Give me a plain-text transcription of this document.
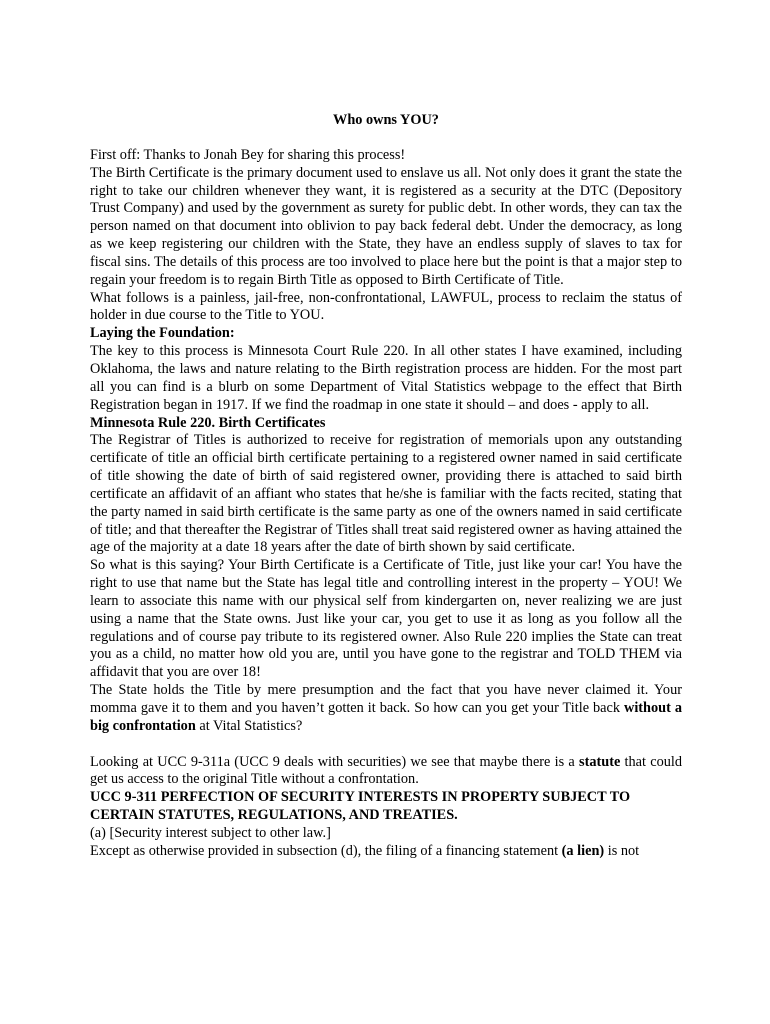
Who owns YOU?

First off: Thanks to Jonah Bey for sharing this process!

The Birth Certificate is the primary document used to enslave us all. Not only does it grant the state the right to take our children whenever they want, it is registered as a security at the DTC (Depository Trust Company) and used by the government as surety for public debt. In other words, they can tax the person named on that document into oblivion to pay back federal debt. Under the democracy, as long as we keep registering our children with the State, they have an endless supply of slaves to tax for fiscal sins. The details of this process are too involved to place here but the point is that a major step to regain your freedom is to regain Birth Title as opposed to Birth Certificate of Title.

What follows is a painless, jail-free, non-confrontational, LAWFUL, process to reclaim the status of holder in due course to the Title to YOU.

Laying the Foundation:

The key to this process is Minnesota Court Rule 220. In all other states I have examined, including Oklahoma, the laws and nature relating to the Birth registration process are hidden. For the most part all you can find is a blurb on some Department of Vital Statistics webpage to the effect that Birth Registration began in 1917. If we find the roadmap in one state it should – and does - apply to all.

Minnesota Rule 220. Birth Certificates

The Registrar of Titles is authorized to receive for registration of memorials upon any outstanding certificate of title an official birth certificate pertaining to a registered owner named in said certificate of title showing the date of birth of said registered owner, providing there is attached to said birth certificate an affidavit of an affiant who states that he/she is familiar with the facts recited, stating that the party named in said birth certificate is the same party as one of the owners named in said certificate of title; and that thereafter the Registrar of Titles shall treat said registered owner as having attained the age of the majority at a date 18 years after the date of birth shown by said certificate.

So what is this saying? Your Birth Certificate is a Certificate of Title, just like your car! You have the right to use that name but the State has legal title and controlling interest in the property – YOU! We learn to associate this name with our physical self from kindergarten on, never realizing we are just using a name that the State owns. Just like your car, you get to use it as long as you follow all the regulations and of course pay tribute to its registered owner. Also Rule 220 implies the State can treat you as a child, no matter how old you are, until you have gone to the registrar and TOLD THEM via affidavit that you are over 18!

The State holds the Title by mere presumption and the fact that you have never claimed it. Your momma gave it to them and you haven’t gotten it back. So how can you get your Title back without a big confrontation at Vital Statistics?

Looking at UCC 9-311a (UCC 9 deals with securities) we see that maybe there is a statute that could get us access to the original Title without a confrontation.

UCC 9-311 PERFECTION OF SECURITY INTERESTS IN PROPERTY SUBJECT TO CERTAIN STATUTES, REGULATIONS, AND TREATIES.

(a) [Security interest subject to other law.]

Except as otherwise provided in subsection (d), the filing of a financing statement (a lien) is not
